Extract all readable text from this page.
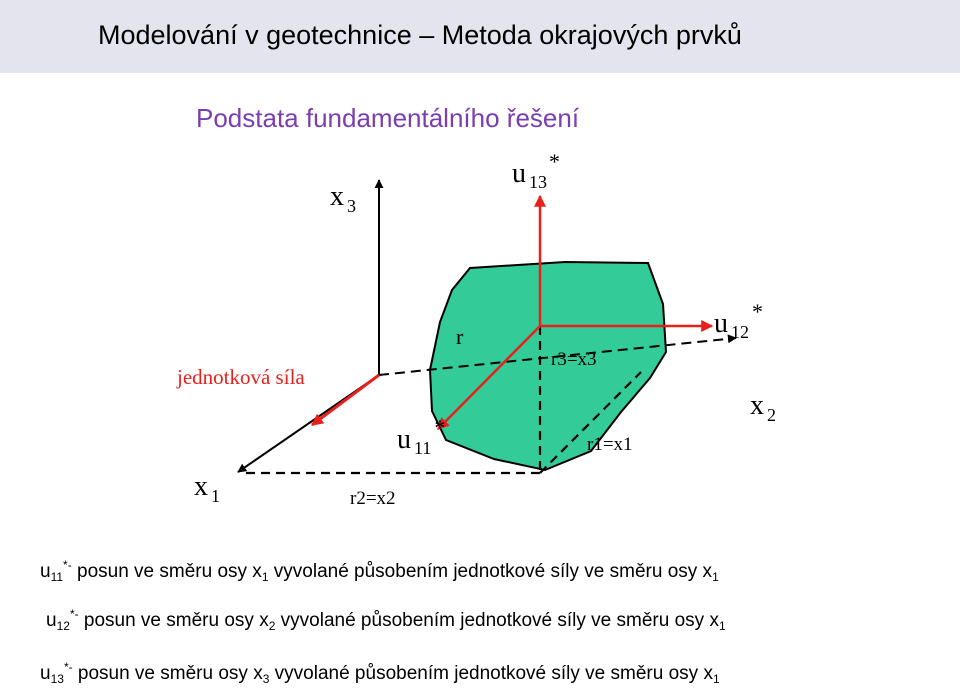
Modelování v geotechnice – Metoda okrajových prvků
Podstata fundamentálního řešení
x $_3$
u $_{13}$*
u $_{12}$*
x $_2$
x $_1$
u $_{11}$*
r
r3=x3
r1=x1
r2=x2
jednotková síla
$u_{11}^{*-}$ posun ve směru osy $x_1$ vyvolané působením jednotkové síly ve směru osy $x_1$
$u_{12}^{*-}$ posun ve směru osy $x_2$ vyvolané působením jednotkové síly ve směru osy $x_1$
$u_{13}^{*-}$ posun ve směru osy $x_3$ vyvolané působením jednotkové síly ve směru osy $x_1$
